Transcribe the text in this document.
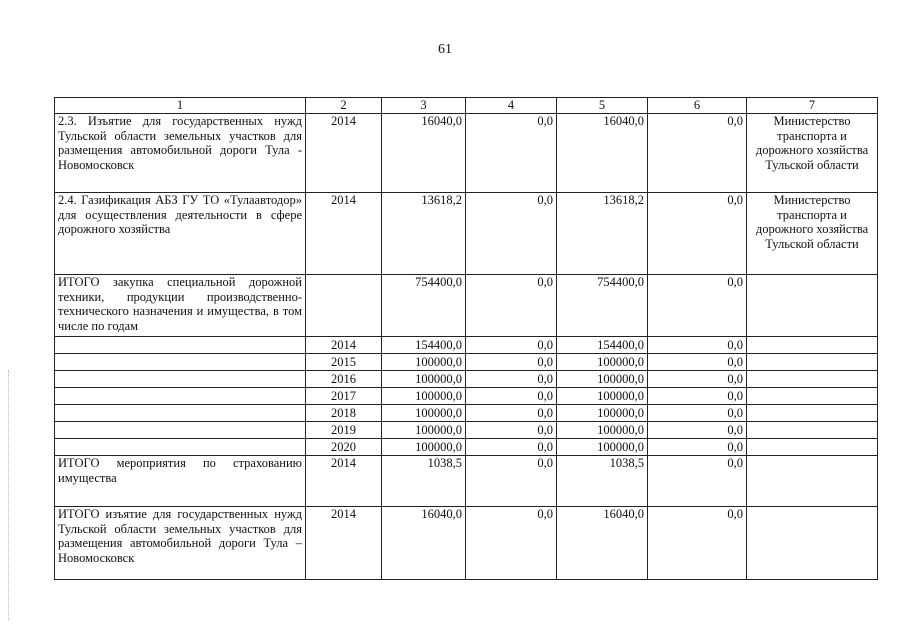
61
1	2	3	4	5	6	7
2.3. Изъятие для государственных нужд Тульской области земельных участков для размещения автомобильной дороги Тула - Новомосковск	2014	16040,0	0,0	16040,0	0,0	Министерство транспорта и дорожного хозяйства Тульской области
2.4. Газификация АБЗ ГУ ТО «Тулаавтодор» для осуществления деятельности в сфере дорожного хозяйства	2014	13618,2	0,0	13618,2	0,0	Министерство транспорта и дорожного хозяйства Тульской области
ИТОГО закупка специальной дорожной техники, продукции производственно-технического назначения и имущества, в том числе по годам		754400,0	0,0	754400,0	0,0	
	2014	154400,0	0,0	154400,0	0,0	
	2015	100000,0	0,0	100000,0	0,0	
	2016	100000,0	0,0	100000,0	0,0	
	2017	100000,0	0,0	100000,0	0,0	
	2018	100000,0	0,0	100000,0	0,0	
	2019	100000,0	0,0	100000,0	0,0	
	2020	100000,0	0,0	100000,0	0,0	
ИТОГО мероприятия по страхованию имущества	2014	1038,5	0,0	1038,5	0,0	
ИТОГО изъятие для государственных нужд Тульской области земельных участков для размещения автомобильной дороги Тула – Новомосковск	2014	16040,0	0,0	16040,0	0,0	
